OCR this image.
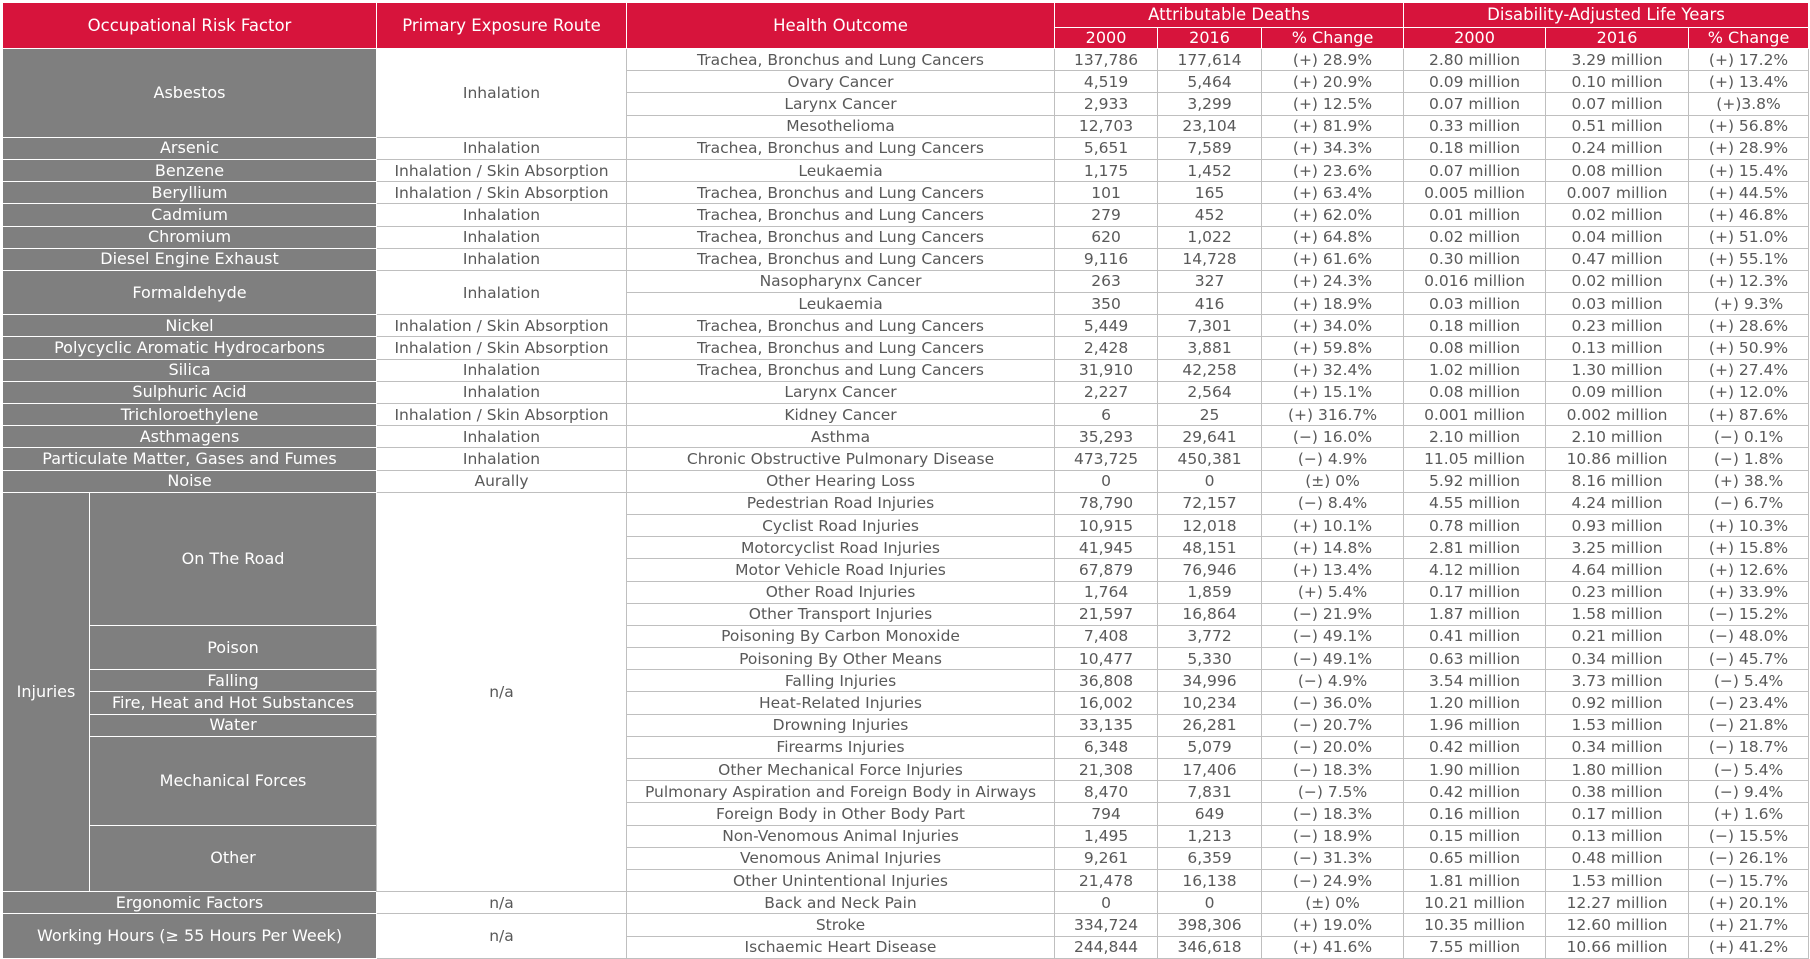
Occupational Risk Factor		Primary Exposure Route	Health Outcome	Attributable Deaths			Disability-Adjusted Life Years		
				2000	2016	% Change	2000	2016	% Change
Asbestos		Inhalation	Trachea, Bronchus and Lung Cancers	137,786	177,614	(+) 28.9%	2.80 million	3.29 million	(+) 17.2%
			Ovary Cancer	4,519	5,464	(+) 20.9%	0.09 million	0.10 million	(+) 13.4%
			Larynx Cancer	2,933	3,299	(+) 12.5%	0.07 million	0.07 million	(+)3.8%
			Mesothelioma	12,703	23,104	(+) 81.9%	0.33 million	0.51 million	(+) 56.8%
Arsenic		Inhalation	Trachea, Bronchus and Lung Cancers	5,651	7,589	(+) 34.3%	0.18 million	0.24 million	(+) 28.9%
Benzene		Inhalation / Skin Absorption	Leukaemia	1,175	1,452	(+) 23.6%	0.07 million	0.08 million	(+) 15.4%
Beryllium		Inhalation / Skin Absorption	Trachea, Bronchus and Lung Cancers	101	165	(+) 63.4%	0.005 million	0.007 million	(+) 44.5%
Cadmium		Inhalation	Trachea, Bronchus and Lung Cancers	279	452	(+) 62.0%	0.01 million	0.02 million	(+) 46.8%
Chromium		Inhalation	Trachea, Bronchus and Lung Cancers	620	1,022	(+) 64.8%	0.02 million	0.04 million	(+) 51.0%
Diesel Engine Exhaust		Inhalation	Trachea, Bronchus and Lung Cancers	9,116	14,728	(+) 61.6%	0.30 million	0.47 million	(+) 55.1%
Formaldehyde		Inhalation	Nasopharynx Cancer	263	327	(+) 24.3%	0.016 million	0.02 million	(+) 12.3%
			Leukaemia	350	416	(+) 18.9%	0.03 million	0.03 million	(+) 9.3%
Nickel		Inhalation / Skin Absorption	Trachea, Bronchus and Lung Cancers	5,449	7,301	(+) 34.0%	0.18 million	0.23 million	(+) 28.6%
Polycyclic Aromatic Hydrocarbons		Inhalation / Skin Absorption	Trachea, Bronchus and Lung Cancers	2,428	3,881	(+) 59.8%	0.08 million	0.13 million	(+) 50.9%
Silica		Inhalation	Trachea, Bronchus and Lung Cancers	31,910	42,258	(+) 32.4%	1.02 million	1.30 million	(+) 27.4%
Sulphuric Acid		Inhalation	Larynx Cancer	2,227	2,564	(+) 15.1%	0.08 million	0.09 million	(+) 12.0%
Trichloroethylene		Inhalation / Skin Absorption	Kidney Cancer	6	25	(+) 316.7%	0.001 million	0.002 million	(+) 87.6%
Asthmagens		Inhalation	Asthma	35,293	29,641	(−) 16.0%	2.10 million	2.10 million	(−) 0.1%
Particulate Matter, Gases and Fumes		Inhalation	Chronic Obstructive Pulmonary Disease	473,725	450,381	(−) 4.9%	11.05 million	10.86 million	(−) 1.8%
Noise		Aurally	Other Hearing Loss	0	0	(±) 0%	5.92 million	8.16 million	(+) 38.%
Injuries	On The Road	n/a	Pedestrian Road Injuries	78,790	72,157	(−) 8.4%	4.55 million	4.24 million	(−) 6.7%
			Cyclist Road Injuries	10,915	12,018	(+) 10.1%	0.78 million	0.93 million	(+) 10.3%
			Motorcyclist Road Injuries	41,945	48,151	(+) 14.8%	2.81 million	3.25 million	(+) 15.8%
			Motor Vehicle Road Injuries	67,879	76,946	(+) 13.4%	4.12 million	4.64 million	(+) 12.6%
			Other Road Injuries	1,764	1,859	(+) 5.4%	0.17 million	0.23 million	(+) 33.9%
			Other Transport Injuries	21,597	16,864	(−) 21.9%	1.87 million	1.58 million	(−) 15.2%
	Poison		Poisoning By Carbon Monoxide	7,408	3,772	(−) 49.1%	0.41 million	0.21 million	(−) 48.0%
			Poisoning By Other Means	10,477	5,330	(−) 49.1%	0.63 million	0.34 million	(−) 45.7%
	Falling		Falling Injuries	36,808	34,996	(−) 4.9%	3.54 million	3.73 million	(−) 5.4%
	Fire, Heat and Hot Substances		Heat-Related Injuries	16,002	10,234	(−) 36.0%	1.20 million	0.92 million	(−) 23.4%
	Water		Drowning Injuries	33,135	26,281	(−) 20.7%	1.96 million	1.53 million	(−) 21.8%
	Mechanical Forces		Firearms Injuries	6,348	5,079	(−) 20.0%	0.42 million	0.34 million	(−) 18.7%
			Other Mechanical Force Injuries	21,308	17,406	(−) 18.3%	1.90 million	1.80 million	(−) 5.4%
			Pulmonary Aspiration and Foreign Body in Airways	8,470	7,831	(−) 7.5%	0.42 million	0.38 million	(−) 9.4%
			Foreign Body in Other Body Part	794	649	(−) 18.3%	0.16 million	0.17 million	(+) 1.6%
	Other		Non-Venomous Animal Injuries	1,495	1,213	(−) 18.9%	0.15 million	0.13 million	(−) 15.5%
			Venomous Animal Injuries	9,261	6,359	(−) 31.3%	0.65 million	0.48 million	(−) 26.1%
			Other Unintentional Injuries	21,478	16,138	(−) 24.9%	1.81 million	1.53 million	(−) 15.7%
Ergonomic Factors		n/a	Back and Neck Pain	0	0	(±) 0%	10.21 million	12.27 million	(+) 20.1%
Working Hours (≥ 55 Hours Per Week)		n/a	Stroke	334,724	398,306	(+) 19.0%	10.35 million	12.60 million	(+) 21.7%
			Ischaemic Heart Disease	244,844	346,618	(+) 41.6%	7.55 million	10.66 million	(+) 41.2%
